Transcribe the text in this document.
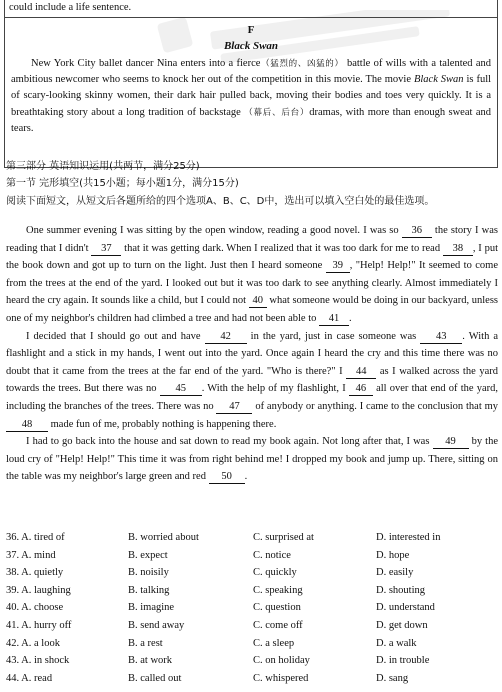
could include a life sentence.
F
Black Swan
New York City ballet dancer Nina enters into a fierce（猛烈的、凶猛的） battle of wills with a talented and ambitious newcomer who seems to knock her out of the competition in this movie. The movie Black Swan is full of scary-looking skinny women, their dark hair pulled back, moving their bodies and toes very quickly. It is a breathtaking story about a long tradition of backstage （幕后、后台）dramas, with more than enough sweat and tears.
第三部分 英语知识运用(共两节，满分25分)
第一节 完形填空(共15小题；每小题1分，满分15分)
阅读下面短文，从短文后各题所给的四个选项A、B、C、D中，选出可以填入空白处的最佳选项。

One summer evening I was sitting by the open window, reading a good novel. I was so 36 the story I was reading that I didn't 37 that it was getting dark. When I realized that it was too dark for me to read 38 , I put the book down and got up to turn on the light. Just then I heard someone 39 , "Help! Help!" It seemed to come from the trees at the end of the yard. I looked out but it was too dark to see anything clearly. Almost immediately I heard the cry again. It sounds like a child, but I could not 40 what someone would be doing in our backyard, unless one of my neighbor's children had climbed a tree and had not been able to 41 .

I decided that I should go out and have 42 in the yard, just in case someone was 43 . With a flashlight and a stick in my hands, I went out into the yard. Once again I heard the cry and this time there was no doubt that it came from the trees at the far end of the yard. "Who is there?" I 44 as I walked across the yard towards the trees. But there was no 45 . With the help of my flashlight, I 46 all over that end of the yard, including the branches of the trees. There was no 47 of anybody or anything. I came to the conclusion that my 48 made fun of me, probably nothing is happening there.

I had to go back into the house and sat down to read my book again. Not long after that, I was 49 by the loud cry of "Help! Help!" This time it was from right behind me! I dropped my book and jump up. There, sitting on the table was my neighbor's large green and red 50 .

36. A. tired of	B. worried about	C. surprised at	D. interested in
37. A. mind	B. expect	C. notice	D. hope
38. A. quietly	B. noisily	C. quickly	D. easily
39. A. laughing	B. talking	C. speaking	D. shouting
40. A. choose	B. imagine	C. question	D. understand
41. A. hurry off	B. send away	C. come off	D. get down
42. A. a look	B. a rest	C. a sleep	D. a walk
43. A. in shock	B. at work	C. on holiday	D. in trouble
44. A. read	B. called out	C. whispered	D. sang
